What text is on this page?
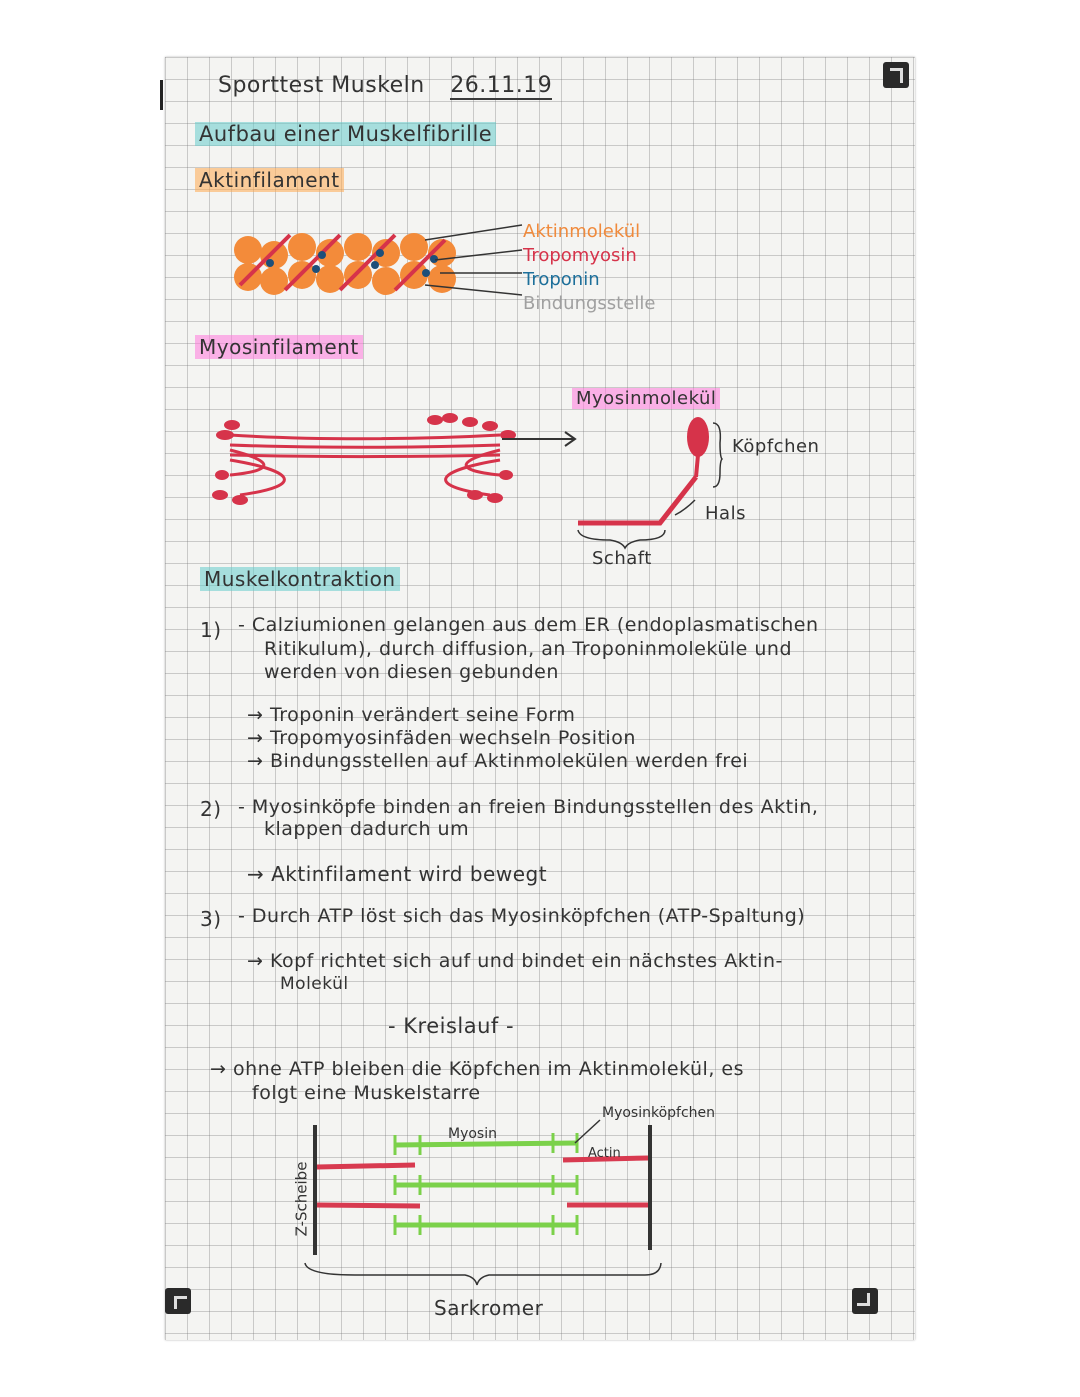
Sporttest Muskeln 26.11.19
Aufbau einer Muskelfibrille
Aktinfilament
Aktinmolekül
Tropomyosin
Troponin
Bindungsstelle
Myosinfilament
Myosinmolekül
Köpfchen
Hals
Schaft
Muskelkontraktion
1) - Calziumionen gelangen aus dem ER (endoplasmatischen
Ritikulum), durch diffusion, an Troponinmoleküle und
werden von diesen gebunden
→ Troponin verändert seine Form
→ Tropomyosinfäden wechseln Position
→ Bindungsstellen auf Aktinmolekülen werden frei
2) - Myosinköpfe binden an freien Bindungsstellen des Aktin,
klappen dadurch um
→ Aktinfilament wird bewegt
3) - Durch ATP löst sich das Myosinköpfchen (ATP-Spaltung)
→ Kopf richtet sich auf und bindet ein nächstes Aktin-
Molekül
- Kreislauf -
→ ohne ATP bleiben die Köpfchen im Aktinmolekül, es
folgt eine Muskelstarre
Myosin
Myosinköpfchen
Actin
Z-Scheibe
Sarkromer
